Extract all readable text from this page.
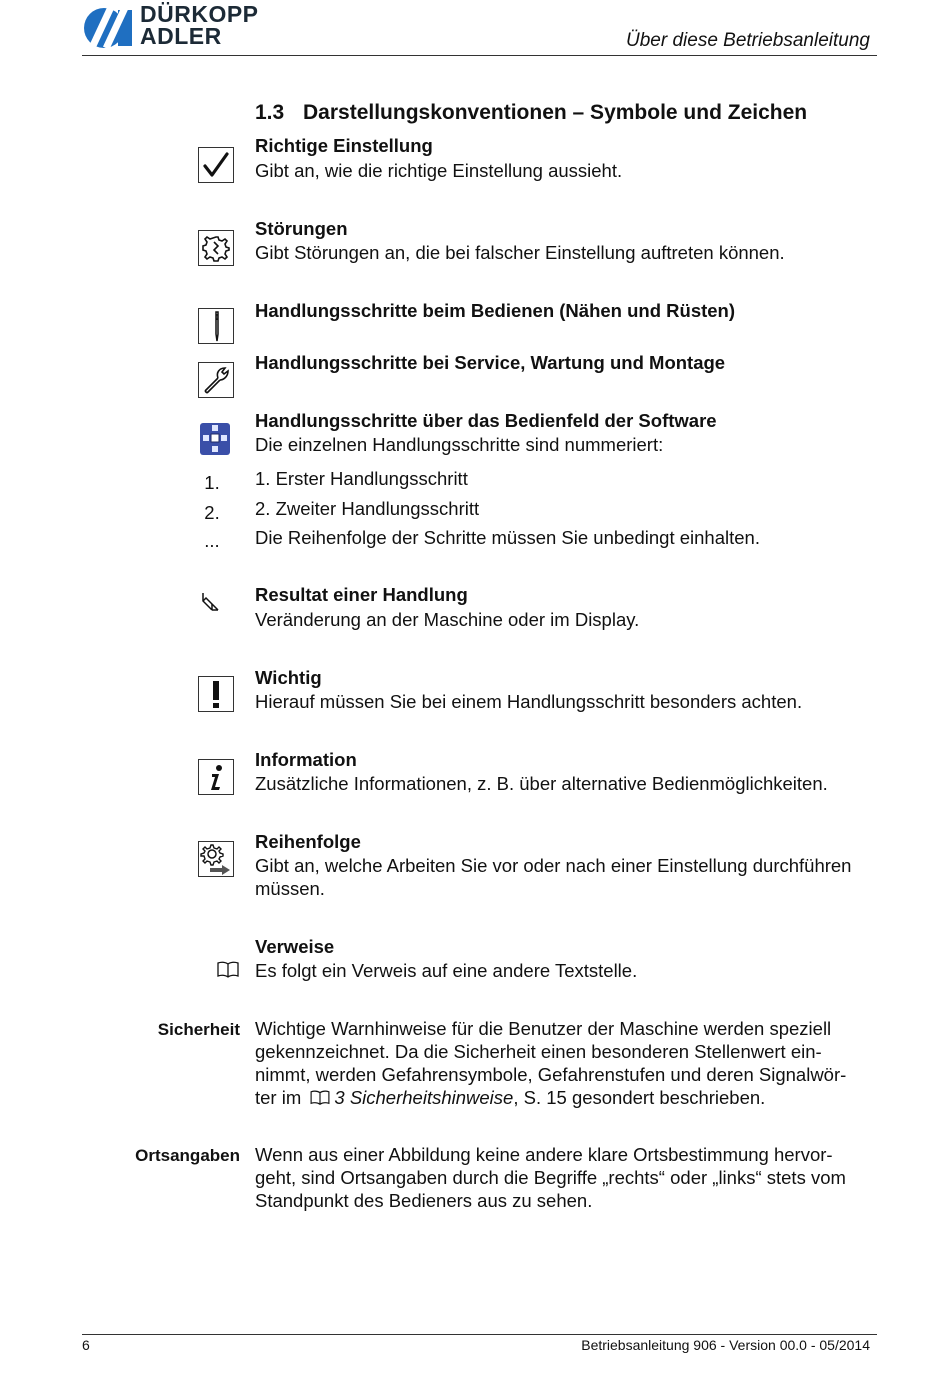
DÜRKOPP
ADLER	Über diese Betriebsanleitung
1.3 Darstellungskonventionen – Symbole und Zeichen
Richtige Einstellung
Gibt an, wie die richtige Einstellung aussieht.
Störungen
Gibt Störungen an, die bei falscher Einstellung auftreten können.
Handlungsschritte beim Bedienen (Nähen und Rüsten)
Handlungsschritte bei Service, Wartung und Montage
Handlungsschritte über das Bedienfeld der Software
Die einzelnen Handlungsschritte sind nummeriert:
1.	1. Erster Handlungsschritt
2.	2. Zweiter Handlungsschritt
...	Die Reihenfolge der Schritte müssen Sie unbedingt einhalten.
Resultat einer Handlung
Veränderung an der Maschine oder im Display.
Wichtig
Hierauf müssen Sie bei einem Handlungsschritt besonders achten.
Information
Zusätzliche Informationen, z. B. über alternative Bedienmöglichkeiten.
Reihenfolge
Gibt an, welche Arbeiten Sie vor oder nach einer Einstellung durchführen
müssen.
Verweise
Es folgt ein Verweis auf eine andere Textstelle.
Sicherheit Wichtige Warnhinweise für die Benutzer der Maschine werden speziell
gekennzeichnet. Da die Sicherheit einen besonderen Stellenwert ein-
nimmt, werden Gefahrensymbole, Gefahrenstufen und deren Signalwör-
ter im 3 Sicherheitshinweise, S. 15 gesondert beschrieben.
Ortsangaben Wenn aus einer Abbildung keine andere klare Ortsbestimmung hervor-
geht, sind Ortsangaben durch die Begriffe „rechts“ oder „links“ stets vom
Standpunkt des Bedieners aus zu sehen.
6	Betriebsanleitung 906 - Version 00.0 - 05/2014
